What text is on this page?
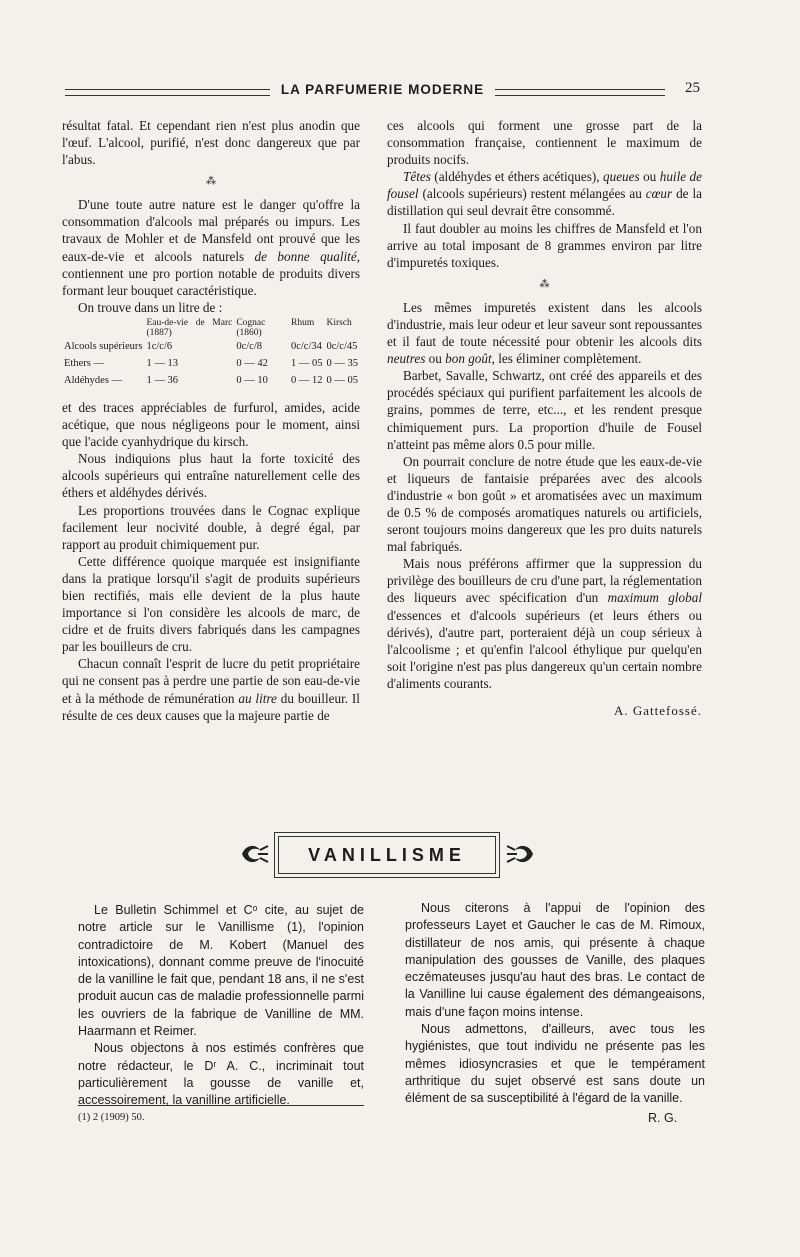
LA PARFUMERIE MODERNE	25

résultat fatal. Et cependant rien n'est plus anodin que l'œuf. L'alcool, purifié, n'est donc dangereux que par l'abus.

⁂

D'une toute autre nature est le danger qu'offre la consommation d'alcools mal préparés ou impurs. Les travaux de Mohler et de Mansfeld ont prouvé que les eaux-de-vie et alcools naturels de bonne qualité, contiennent une pro portion notable de produits divers formant leur bouquet caractéristique.

On trouve dans un litre de :

	Eau-de-vie de Marc (1887)	Cognac (1860)	Rhum	Kirsch
Alcools supérieurs	1c/c/6	0c/c/8	0c/c/34	0c/c/45
Ethers —	1 — 13	0 — 42	1 — 05	0 — 35
Aldéhydes —	1 — 36	0 — 10	0 — 12	0 — 05

et des traces appréciables de furfurol, amides, acide acétique, que nous négligeons pour le moment, ainsi que l'acide cyanhydrique du kirsch.

Nous indiquions plus haut la forte toxicité des alcools supérieurs qui entraîne naturellement celle des éthers et aldéhydes dérivés.

Les proportions trouvées dans le Cognac explique facilement leur nocivité double, à degré égal, par rapport au produit chimiquement pur.

Cette différence quoique marquée est insignifiante dans la pratique lorsqu'il s'agit de produits supérieurs bien rectifiés, mais elle devient de la plus haute importance si l'on considère les alcools de marc, de cidre et de fruits divers fabriqués dans les campagnes par les bouilleurs de cru.

Chacun connaît l'esprit de lucre du petit propriétaire qui ne consent pas à perdre une partie de son eau-de-vie et à la méthode de rémunération au litre du bouilleur. Il résulte de ces deux causes que la majeure partie de

ces alcools qui forment une grosse part de la consommation française, contiennent le maximum de produits nocifs.

Têtes (aldéhydes et éthers acétiques), queues ou huile de fousel (alcools supérieurs) restent mélangées au cœur de la distillation qui seul devrait être consommé.

Il faut doubler au moins les chiffres de Mansfeld et l'on arrive au total imposant de 8 grammes environ par litre d'impuretés toxiques.

⁂

Les mêmes impuretés existent dans les alcools d'industrie, mais leur odeur et leur saveur sont repoussantes et il faut de toute nécessité pour obtenir les alcools dits neutres ou bon goût, les éliminer complètement.

Barbet, Savalle, Schwartz, ont créé des appareils et des procédés spéciaux qui purifient parfaitement les alcools de grains, pommes de terre, etc..., et les rendent presque chimiquement purs. La proportion d'huile de Fousel n'atteint pas même alors 0.5 pour mille.

On pourrait conclure de notre étude que les eaux-de-vie et liqueurs de fantaisie préparées avec des alcools d'industrie « bon goût » et aromatisées avec un maximum de 0.5 % de composés aromatiques naturels ou artificiels, seront toujours moins dangereux que les pro duits naturels mal fabriqués.

Mais nous préférons affirmer que la suppression du privilège des bouilleurs de cru d'une part, la réglementation des liqueurs avec spécification d'un maximum global d'essences et d'alcools supérieurs (et leurs éthers ou dérivés), d'autre part, porteraient déjà un coup sérieux à l'alcoolisme ; et qu'enfin l'alcool éthylique pur quelqu'en soit l'origine n'est pas plus dangereux qu'un certain nombre d'aliments courants.

A. Gattefossé.
VANILLISME

Le Bulletin Schimmel et Cᵒ cite, au sujet de notre article sur le Vanillisme (1), l'opinion contradictoire de M. Kobert (Manuel des intoxications), donnant comme preuve de l'inocuité de la vanilline le fait que, pendant 18 ans, il ne s'est produit aucun cas de maladie professionnelle parmi les ouvriers de la fabrique de Vanilline de MM. Haarmann et Reimer.

Nous objectons à nos estimés confrères que notre rédacteur, le Dʳ A. C., incriminait tout particulièrement la gousse de vanille et, accessoirement, la vanilline artificielle.

(1) 2 (1909) 50.

Nous citerons à l'appui de l'opinion des professeurs Layet et Gaucher le cas de M. Rimoux, distillateur de nos amis, qui présente à chaque manipulation des gousses de Vanille, des plaques eczémateuses jusqu'au haut des bras. Le contact de la Vanilline lui cause également des démangeaisons, mais d'une façon moins intense.

Nous admettons, d'ailleurs, avec tous les hygiénistes, que tout individu ne présente pas les mêmes idiosyncrasies et que le tempérament arthritique du sujet observé est sans doute un élément de sa susceptibilité à l'égard de la vanille.

R. G.
